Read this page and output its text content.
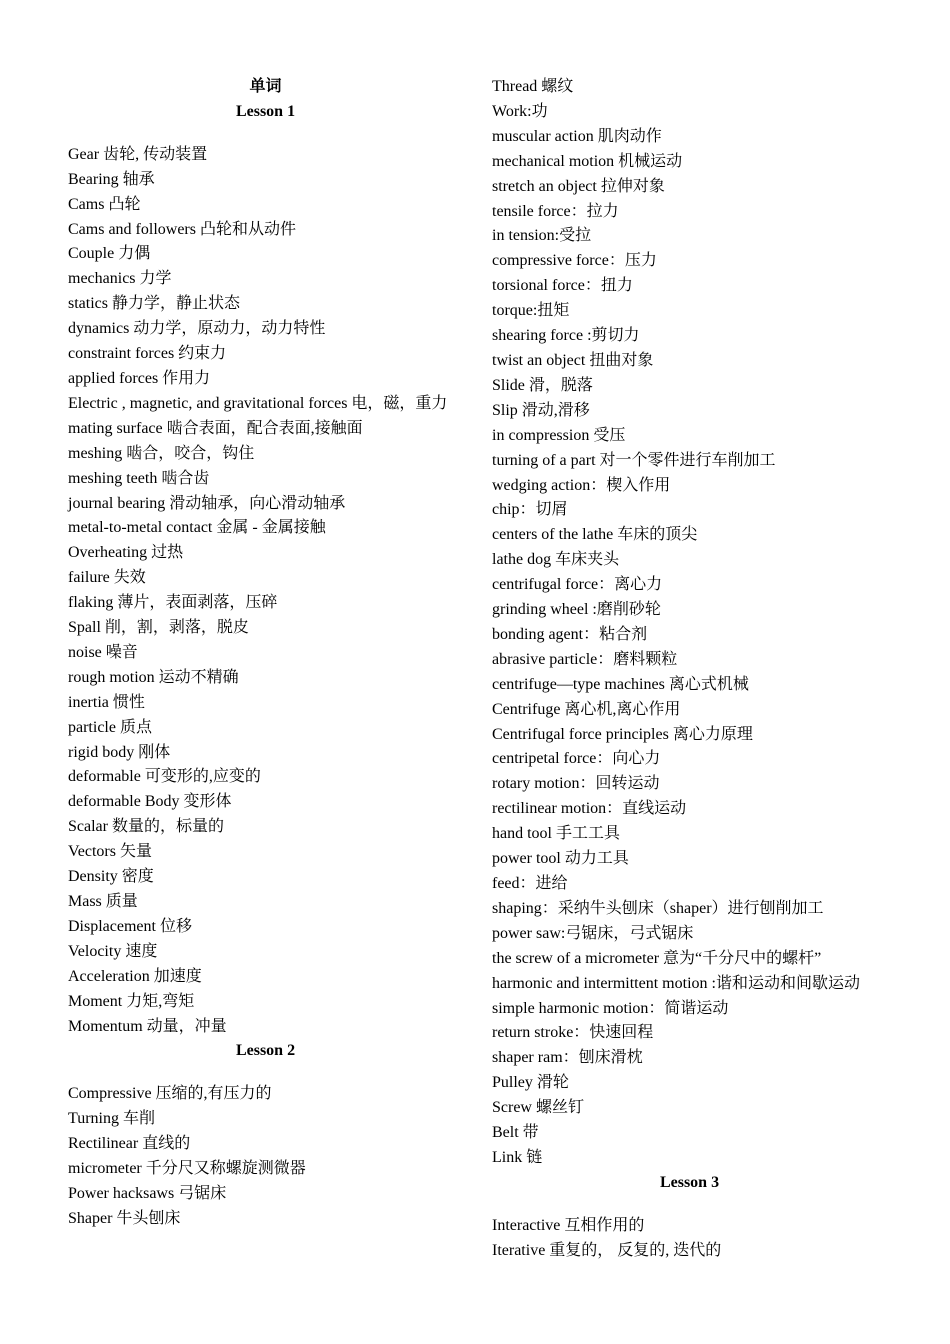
单词

Lesson 1

Gear 齿轮, 传动装置

Bearing 轴承

Cams 凸轮

Cams and followers 凸轮和从动件

Couple 力偶

mechanics 力学

statics 静力学，静止状态

dynamics 动力学，原动力，动力特性

constraint forces 约束力

applied forces 作用力

Electric , magnetic, and gravitational forces 电，磁，重力

mating surface 啮合表面，配合表面,接触面

meshing 啮合，咬合，钩住

meshing teeth 啮合齿

journal bearing 滑动轴承，向心滑动轴承

metal-to-metal contact 金属 - 金属接触

Overheating 过热

failure 失效

flaking 薄片，表面剥落，压碎

Spall 削，割，剥落，脱皮

noise 噪音

rough motion 运动不精确

inertia 惯性

particle 质点

rigid body 刚体

deformable 可变形的,应变的

deformable Body 变形体

Scalar 数量的，标量的

Vectors 矢量

Density 密度

Mass 质量

Displacement 位移

Velocity 速度

Acceleration 加速度

Moment 力矩,弯矩

Momentum 动量，冲量

Lesson 2

Compressive 压缩的,有压力的

Turning 车削

Rectilinear 直线的

micrometer 千分尺又称螺旋测微器

Power hacksaws 弓锯床

Shaper 牛头刨床

Thread 螺纹

Work:功

muscular action 肌肉动作

mechanical motion 机械运动

stretch an object 拉伸对象

tensile force：拉力

in tension:受拉

compressive force：压力

torsional force：扭力

torque:扭矩

shearing force :剪切力

twist an object 扭曲对象

Slide 滑，脱落

Slip 滑动,滑移

in compression 受压

turning of a part 对一个零件进行车削加工

wedging action：楔入作用

chip：切屑

centers of the lathe 车床的顶尖

lathe dog 车床夹头

centrifugal force：离心力

grinding wheel :磨削砂轮

bonding agent：粘合剂

abrasive particle：磨料颗粒

centrifuge—type machines 离心式机械

Centrifuge 离心机,离心作用

Centrifugal force principles 离心力原理

centripetal force：向心力

rotary motion：回转运动

rectilinear motion：直线运动

hand tool 手工工具

power tool 动力工具

feed：进给

shaping：采纳牛头刨床（shaper）进行刨削加工

power saw:弓锯床，弓式锯床

the screw of a micrometer 意为“千分尺中的螺杆”

harmonic and intermittent motion :谐和运动和间歇运动

simple harmonic motion：简谐运动

return stroke：快速回程

shaper ram：刨床滑枕

Pulley 滑轮

Screw 螺丝钉

Belt 带

Link 链

Lesson 3

Interactive 互相作用的

Iterative 重复的， 反复的, 迭代的
